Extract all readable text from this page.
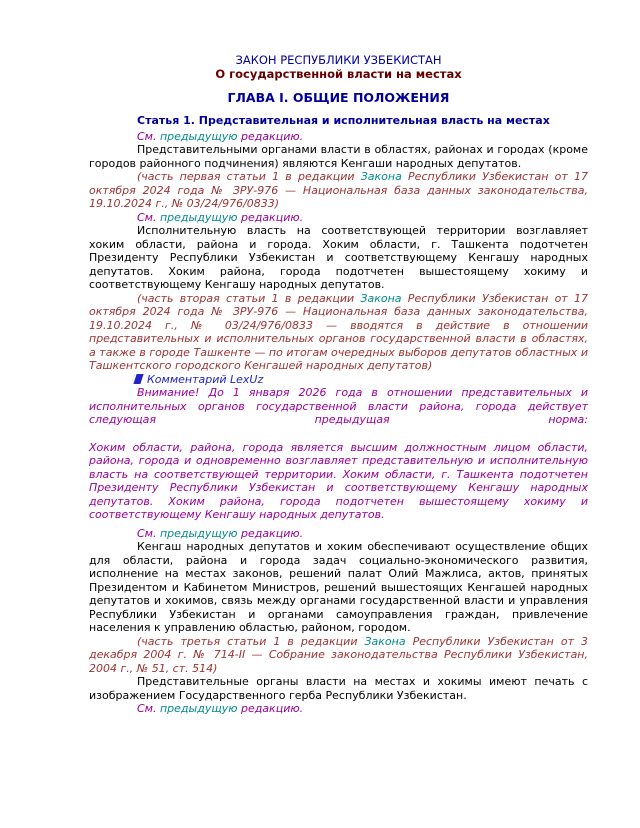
ЗАКОН РЕСПУБЛИКИ УЗБЕКИСТАН
О государственной власти на местах
ГЛАВА I. ОБЩИЕ ПОЛОЖЕНИЯ
Статья 1. Представительная и исполнительная власть на местах
См. предыдущую редакцию.

Представительными органами власти в областях, районах и городах (кроме городов районного подчинения) являются Кенгаши народных депутатов.

(часть первая статьи 1 в редакции Закона Республики Узбекистан от 17 октября 2024 года № ЗРУ-976 — Национальная база данных законодательства, 19.10.2024 г., № 03/24/976/0833)

См. предыдущую редакцию.

Исполнительную власть на соответствующей территории возглавляет хоким области, района и города. Хоким области, г. Ташкента подотчетен Президенту Республики Узбекистан и соответствующему Кенгашу народных депутатов. Хоким района, города подотчетен вышестоящему хокиму и соответствующему Кенгашу народных депутатов.

(часть вторая статьи 1 в редакции Закона Республики Узбекистан от 17 октября 2024 года № ЗРУ-976 — Национальная база данных законодательства, 19.10.2024 г., № 03/24/976/0833 — вводятся в действие в отношении представительных и исполнительных органов государственной власти в областях, а также в городе Ташкенте — по итогам очередных выборов депутатов областных и Ташкентского городского Кенгашей народных депутатов)

Комментарий LexUz

Внимание! До 1 января 2026 года в отношении представительных и исполнительных органов государственной власти района, города действует

следующая	предыдущая	норма:

Хоким области, района, города является высшим должностным лицом области, района, города и одновременно возглавляет представительную и исполнительную власть на соответствующей территории. Хоким области, г. Ташкента подотчетен Президенту Республики Узбекистан и соответствующему Кенгашу народных депутатов. Хоким района, города подотчетен вышестоящему хокиму и соответствующему Кенгашу народных депутатов.

См. предыдущую редакцию.

Кенгаш народных депутатов и хоким обеспечивают осуществление общих для области, района и города задач социально-экономического развития, исполнение на местах законов, решений палат Олий Мажлиса, актов, принятых Президентом и Кабинетом Министров, решений вышестоящих Кенгашей народных депутатов и хокимов, связь между органами государственной власти и управления Республики Узбекистан и органами самоуправления граждан, привлечение населения к управлению областью, районом, городом.

(часть третья статьи 1 в редакции Закона Республики Узбекистан от 3 декабря 2004 г. № 714-II — Собрание законодательства Республики Узбекистан, 2004 г., № 51, ст. 514)

Представительные органы власти на местах и хокимы имеют печать с изображением Государственного герба Республики Узбекистан.

См. предыдущую редакцию.
